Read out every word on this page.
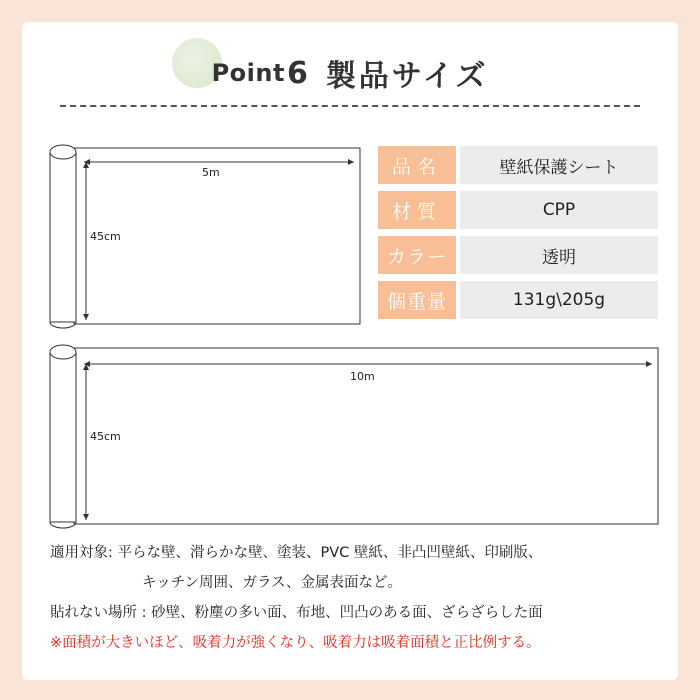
Point 6 製品サイズ
5m
45cm
品名	壁紙保護シート
材質	CPP
カラー	透明
個重量	131g\205g
10m
45cm
適用対象: 平らな壁、滑らかな壁、塗装、PVC 壁紙、非凸凹壁紙、印刷版、
キッチン周囲、ガラス、金属表面など。
貼れない場所 : 砂壁、粉塵の多い面、布地、凹凸のある面、ざらざらした面
※面積が大きいほど、吸着力が強くなり、吸着力は吸着面積と正比例する。
